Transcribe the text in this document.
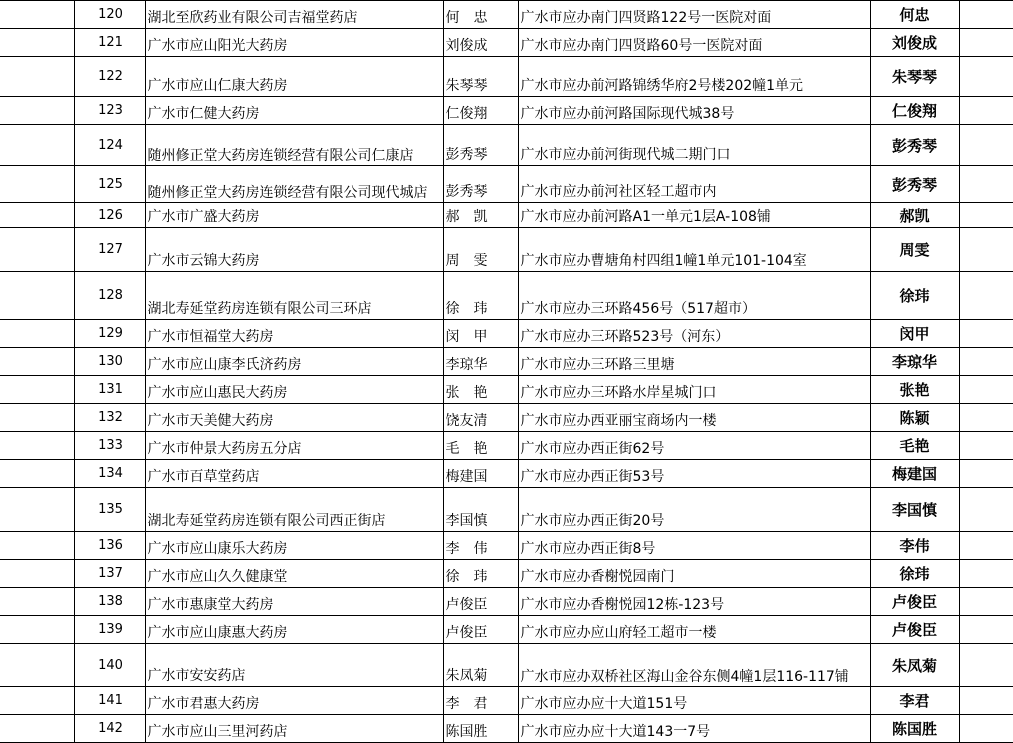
	120	湖北至欣药业有限公司吉福堂药店	何　忠	广水市应办南门四贤路122号一医院对面	何忠	
	121	广水市应山阳光大药房	刘俊成	广水市应办南门四贤路60号一医院对面	刘俊成	
	122	广水市应山仁康大药房	朱琴琴	广水市应办前河路锦绣华府2号楼202幢1单元	朱琴琴	
	123	广水市仁健大药房	仁俊翔	广水市应办前河路国际现代城38号	仁俊翔	
	124	随州修正堂大药房连锁经营有限公司仁康店	彭秀琴	广水市应办前河街现代城二期门口	彭秀琴	
	125	随州修正堂大药房连锁经营有限公司现代城店	彭秀琴	广水市应办前河社区轻工超市内	彭秀琴	
	126	广水市广盛大药房	郝　凯	广水市应办前河路A1一单元1层A-108铺	郝凯	
	127	广水市云锦大药房	周　雯	广水市应办曹塘角村四组1幢1单元101-104室	周雯	
	128	湖北寿延堂药房连锁有限公司三环店	徐　玮	广水市应办三环路456号（517超市）	徐玮	
	129	广水市恒福堂大药房	闵　甲	广水市应办三环路523号（河东）	闵甲	
	130	广水市应山康李氏济药房	李琼华	广水市应办三环路三里塘	李琼华	
	131	广水市应山惠民大药房	张　艳	广水市应办三环路水岸星城门口	张艳	
	132	广水市天美健大药房	饶友清	广水市应办西亚丽宝商场内一楼	陈颖	
	133	广水市仲景大药房五分店	毛　艳	广水市应办西正街62号	毛艳	
	134	广水市百草堂药店	梅建国	广水市应办西正街53号	梅建国	
	135	湖北寿延堂药房连锁有限公司西正街店	李国慎	广水市应办西正街20号	李国慎	
	136	广水市应山康乐大药房	李　伟	广水市应办西正街8号	李伟	
	137	广水市应山久久健康堂	徐　玮	广水市应办香榭悦园南门	徐玮	
	138	广水市惠康堂大药房	卢俊臣	广水市应办香榭悦园12栋-123号	卢俊臣	
	139	广水市应山康惠大药房	卢俊臣	广水市应办应山府轻工超市一楼	卢俊臣	
	140	广水市安安药店	朱凤菊	广水市应办双桥社区海山金谷东侧4幢1层116-117铺	朱凤菊	
	141	广水市君惠大药房	李　君	广水市应办应十大道151号	李君	
	142	广水市应山三里河药店	陈国胜	广水市应办应十大道143一7号	陈国胜	
